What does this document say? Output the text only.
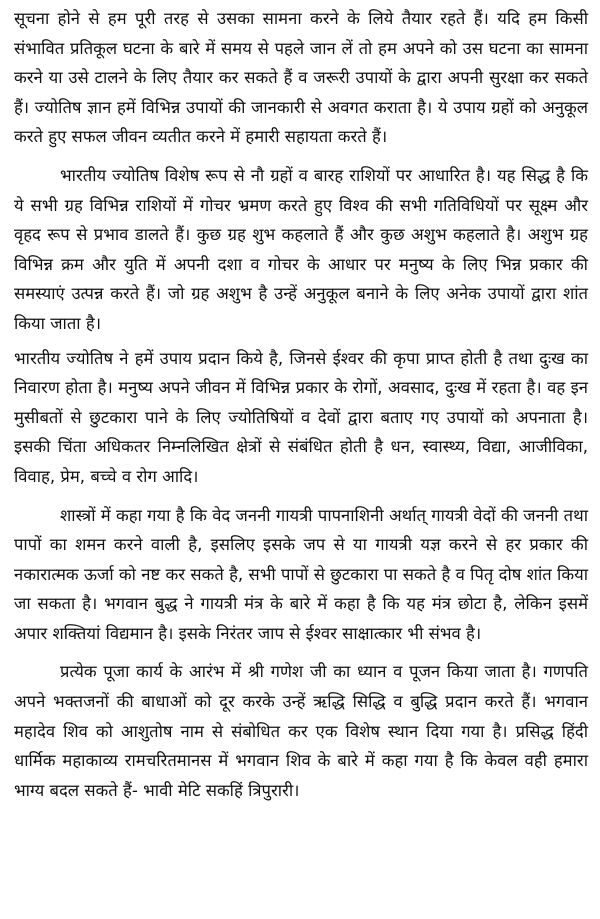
सूचना होने से हम पूरी तरह से उसका सामना करने के लिये तैयार रहते हैं। यदि हम किसी संभावित प्रतिकूल घटना के बारे में समय से पहले जान लें तो हम अपने को उस घटना का सामना करने या उसे टालने के लिए तैयार कर सकते हैं व जरूरी उपायों के द्वारा अपनी सुरक्षा कर सकते हैं। ज्योतिष ज्ञान हमें विभिन्न उपायों की जानकारी से अवगत कराता है। ये उपाय ग्रहों को अनुकूल करते हुए सफल जीवन व्यतीत करने में हमारी सहायता करते हैं।

भारतीय ज्योतिष विशेष रूप से नौ ग्रहों व बारह राशियों पर आधारित है। यह सिद्ध है कि ये सभी ग्रह विभिन्न राशियों में गोचर भ्रमण करते हुए विश्व की सभी गतिविधियों पर सूक्ष्म और वृहद रूप से प्रभाव डालते हैं। कुछ ग्रह शुभ कहलाते हैं और कुछ अशुभ कहलाते है। अशुभ ग्रह विभिन्न क्रम और युति में अपनी दशा व गोचर के आधार पर मनुष्य के लिए भिन्न प्रकार की समस्याएं उत्पन्न करते हैं। जो ग्रह अशुभ है उन्हें अनुकूल बनाने के लिए अनेक उपायों द्वारा शांत किया जाता है।

भारतीय ज्योतिष ने हमें उपाय प्रदान किये है, जिनसे ईश्वर की कृपा प्राप्त होती है तथा दुःख का निवारण होता है। मनुष्य अपने जीवन में विभिन्न प्रकार के रोगों, अवसाद, दुःख में रहता है। वह इन मुसीबतों से छुटकारा पाने के लिए ज्योतिषियों व देवों द्वारा बताए गए उपायों को अपनाता है। इसकी चिंता अधिकतर निम्नलिखित क्षेत्रों से संबंधित होती है धन, स्वास्थ्य, विद्या, आजीविका, विवाह, प्रेम, बच्चे व रोग आदि।

शास्त्रों में कहा गया है कि वेद जननी गायत्री पापनाशिनी अर्थात् गायत्री वेदों की जननी तथा पापों का शमन करने वाली है, इसलिए इसके जप से या गायत्री यज्ञ करने से हर प्रकार की नकारात्मक ऊर्जा को नष्ट कर सकते है, सभी पापों से छुटकारा पा सकते है व पितृ दोष शांत किया जा सकता है। भगवान बुद्ध ने गायत्री मंत्र के बारे में कहा है कि यह मंत्र छोटा है, लेकिन इसमें अपार शक्तियां विद्यमान है। इसके निरंतर जाप से ईश्वर साक्षात्कार भी संभव है।

प्रत्येक पूजा कार्य के आरंभ में श्री गणेश जी का ध्यान व पूजन किया जाता है। गणपति अपने भक्तजनों की बाधाओं को दूर करके उन्हें ऋद्धि सिद्धि व बुद्धि प्रदान करते हैं। भगवान महादेव शिव को आशुतोष नाम से संबोधित कर एक विशेष स्थान दिया गया है। प्रसिद्ध हिंदी धार्मिक महाकाव्य रामचरितमानस में भगवान शिव के बारे में कहा गया है कि केवल वही हमारा भाग्य बदल सकते हैं- भावी मेटि सकहिं त्रिपुरारी।
